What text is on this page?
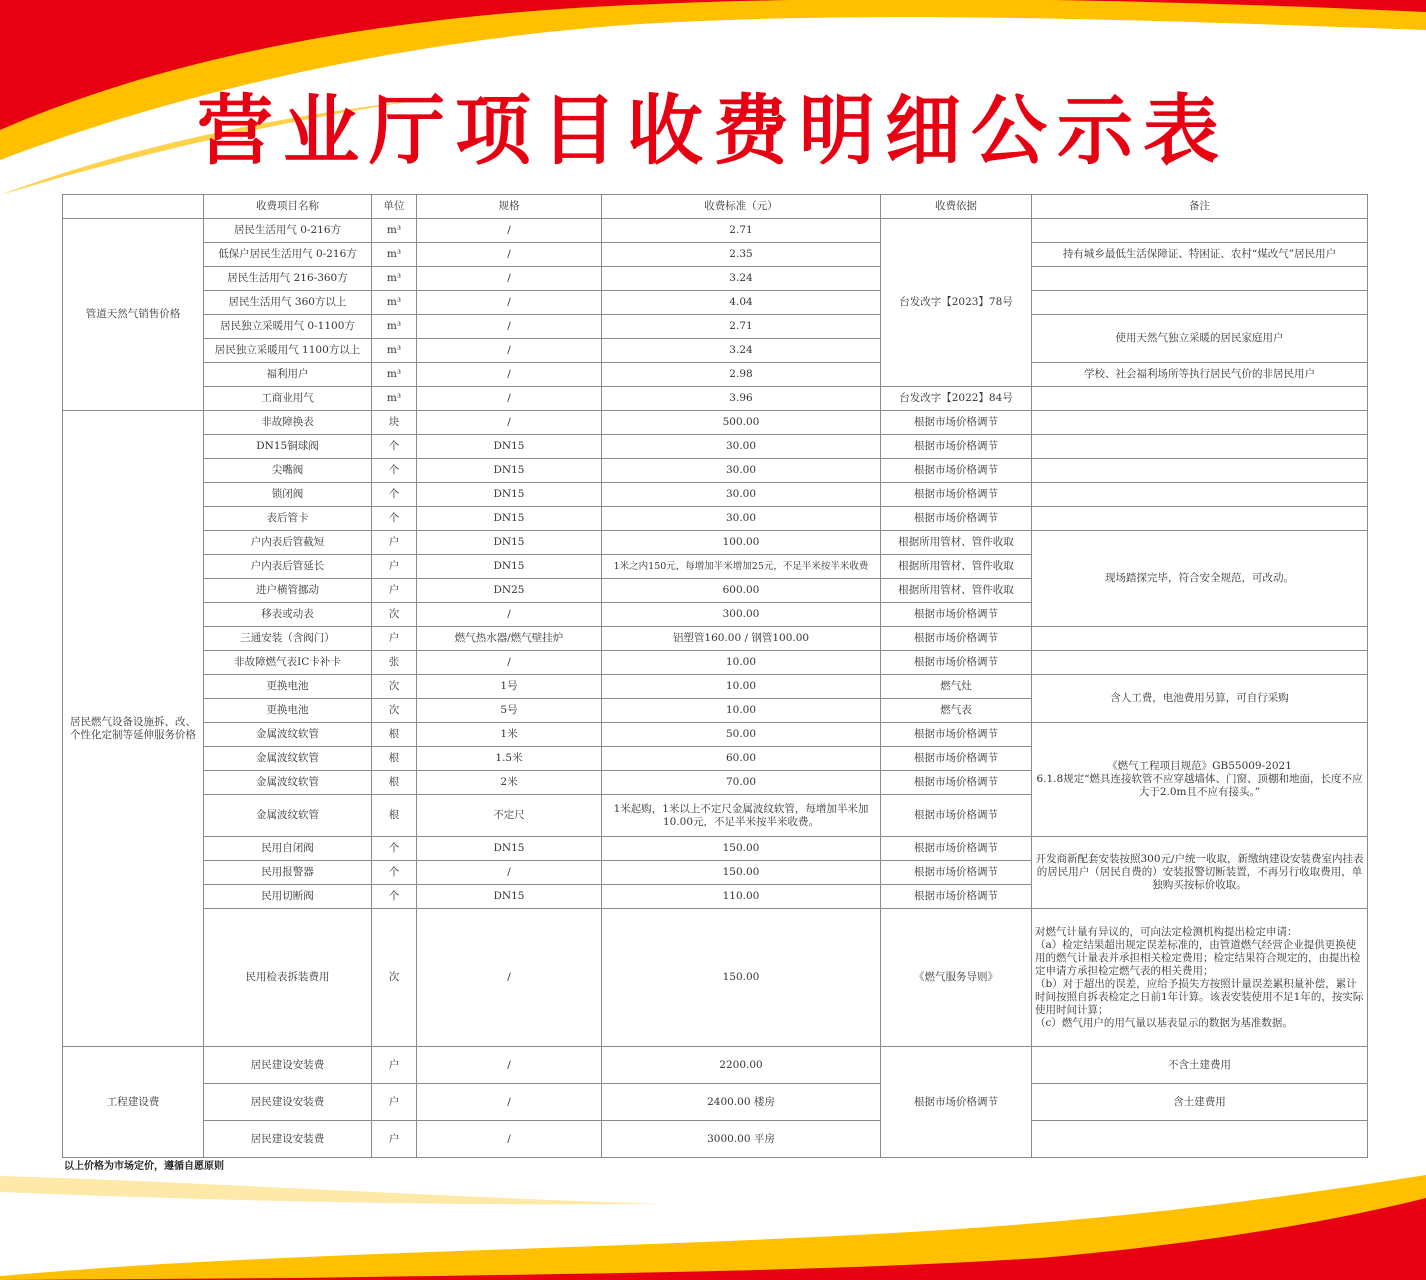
营业厅项目收费明细公示表
	收费项目名称	单位	规格	收费标准（元）	收费依据	备注
管道天然气销售价格	居民生活用气 0-216方	m³	/	2.71	台发改字【2023】78号	
	低保户居民生活用气 0-216方	m³	/	2.35		持有城乡最低生活保障证、特困证、农村“煤改气”居民用户
	居民生活用气 216-360方	m³	/	3.24		
	居民生活用气 360方以上	m³	/	4.04		
	居民独立采暖用气 0-1100方	m³	/	2.71		使用天然气独立采暖的居民家庭用户
	居民独立采暖用气 1100方以上	m³	/	3.24		
	福利用户	m³	/	2.98		学校、社会福利场所等执行居民气价的非居民用户
	工商业用气	m³	/	3.96	台发改字【2022】84号	
居民燃气设备设施拆、改、个性化定制等延伸服务价格	非故障换表	块	/	500.00	根据市场价格调节	
	DN15铜球阀	个	DN15	30.00	根据市场价格调节	
	尖嘴阀	个	DN15	30.00	根据市场价格调节	
	锁闭阀	个	DN15	30.00	根据市场价格调节	
	表后管卡	个	DN15	30.00	根据市场价格调节	
	户内表后管截短	户	DN15	100.00	根据所用管材、管件收取	现场踏探完毕，符合安全规范，可改动。
	户内表后管延长	户	DN15	1米之内150元，每增加半米增加25元，不足半米按半米收费	根据所用管材、管件收取	
	进户横管挪动	户	DN25	600.00	根据所用管材、管件收取	
	移表或动表	次	/	300.00	根据市场价格调节	
	三通安装（含阀门）	户	燃气热水器/燃气壁挂炉	铝塑管160.00 / 钢管100.00	根据市场价格调节	
	非故障燃气表IC卡补卡	张	/	10.00	根据市场价格调节	
	更换电池	次	1号	10.00	燃气灶	含人工费，电池费用另算，可自行采购
	更换电池	次	5号	10.00	燃气表	
	金属波纹软管	根	1米	50.00	根据市场价格调节	《燃气工程项目规范》GB55009-2021
6.1.8规定“燃具连接软管不应穿越墙体、门窗、顶棚和地面，长度不应大于2.0m且不应有接头。”

	金属波纹软管	根	1.5米	60.00	根据市场价格调节	
	金属波纹软管	根	2米	70.00	根据市场价格调节	
	金属波纹软管	根	不定尺	1米起购，1米以上不定尺金属波纹软管，每增加半米加10.00元，不足半米按半米收费。	根据市场价格调节	
	民用自闭阀	个	DN15	150.00	根据市场价格调节	开发商新配套安装按照300元/户统一收取，新缴纳建设安装费室内挂表的居民用户（居民自费的）安装报警切断装置，不再另行收取费用，单独购买按标价收取。
	民用报警器	个	/	150.00	根据市场价格调节	
	民用切断阀	个	DN15	110.00	根据市场价格调节	
	民用检表拆装费用	次	/	150.00	《燃气服务导则》	对燃气计量有异议的，可向法定检测机构提出检定申请：
（a）检定结果超出规定误差标准的，由管道燃气经营企业提供更换使用的燃气计量表并承担相关检定费用；检定结果符合规定的，由提出检定申请方承担检定燃气表的相关费用；
（b）对于超出的误差，应给予损失方按照计量误差累积量补偿，累计时间按照自拆表检定之日前1年计算。该表安装使用不足1年的，按实际使用时间计算；
（c）燃气用户的用气量以基表显示的数据为基准数据。

工程建设费	居民建设安装费	户	/	2200.00	根据市场价格调节	不含土建费用
	居民建设安装费	户	/	2400.00 楼房		含土建费用
	居民建设安装费	户	/	3000.00 平房		
以上价格为市场定价，遵循自愿原则
